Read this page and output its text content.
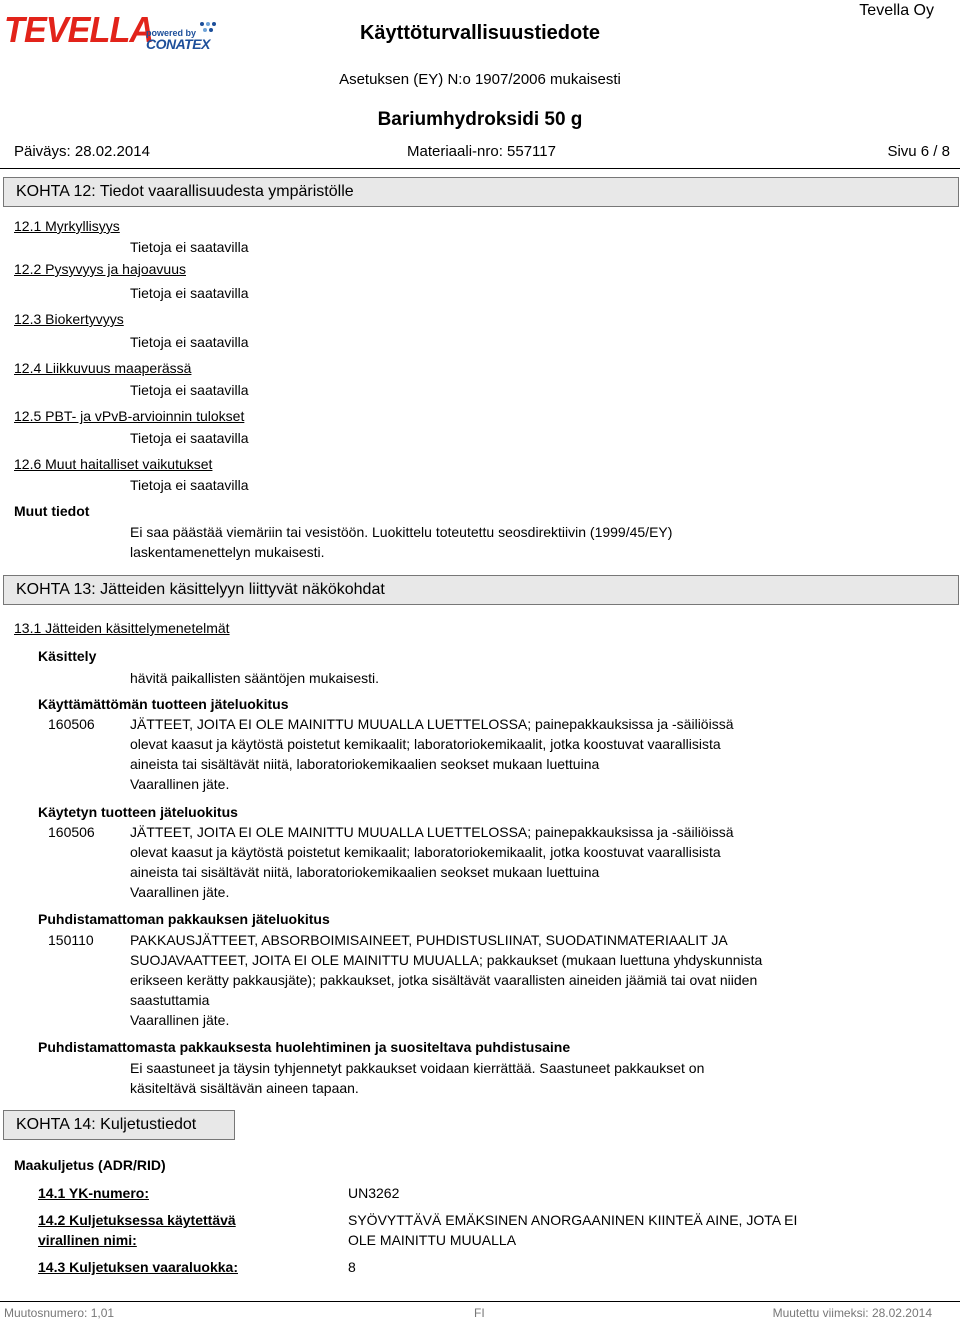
TEVELLA
powered by
CONATEX
Tevella Oy
Käyttöturvallisuustiedote
Asetuksen (EY) N:o 1907/2006 mukaisesti
Bariumhydroksidi 50 g
Päiväys: 28.02.2014	Materiaali-nro: 557117	Sivu 6 / 8
KOHTA 12: Tiedot vaarallisuudesta ympäristölle
12.1 Myrkyllisyys
Tietoja ei saatavilla
12.2 Pysyvyys ja hajoavuus
Tietoja ei saatavilla
12.3 Biokertyvyys
Tietoja ei saatavilla
12.4 Liikkuvuus maaperässä
Tietoja ei saatavilla
12.5 PBT- ja vPvB-arvioinnin tulokset
Tietoja ei saatavilla
12.6 Muut haitalliset vaikutukset
Tietoja ei saatavilla
Muut tiedot
Ei saa päästää viemäriin tai vesistöön. Luokittelu toteutettu seosdirektiivin (1999/45/EY)
laskentamenettelyn mukaisesti.
KOHTA 13: Jätteiden käsittelyyn liittyvät näkökohdat
13.1 Jätteiden käsittelymenetelmät
Käsittely
hävitä paikallisten sääntöjen mukaisesti.
Käyttämättömän tuotteen jäteluokitus
160506	JÄTTEET, JOITA EI OLE MAINITTU MUUALLA LUETTELOSSA; painepakkauksissa ja -säiliöissä
olevat kaasut ja käytöstä poistetut kemikaalit; laboratoriokemikaalit, jotka koostuvat vaarallisista
aineista tai sisältävät niitä, laboratoriokemikaalien seokset mukaan luettuina
Vaarallinen jäte.
Käytetyn tuotteen jäteluokitus
160506	JÄTTEET, JOITA EI OLE MAINITTU MUUALLA LUETTELOSSA; painepakkauksissa ja -säiliöissä
olevat kaasut ja käytöstä poistetut kemikaalit; laboratoriokemikaalit, jotka koostuvat vaarallisista
aineista tai sisältävät niitä, laboratoriokemikaalien seokset mukaan luettuina
Vaarallinen jäte.
Puhdistamattoman pakkauksen jäteluokitus
150110	PAKKAUSJÄTTEET, ABSORBOIMISAINEET, PUHDISTUSLIINAT, SUODATINMATERIAALIT JA
SUOJAVAATTEET, JOITA EI OLE MAINITTU MUUALLA; pakkaukset (mukaan luettuna yhdyskunnista
erikseen kerätty pakkausjäte); pakkaukset, jotka sisältävät vaarallisten aineiden jäämiä tai ovat niiden
saastuttamia
Vaarallinen jäte.
Puhdistamattomasta pakkauksesta huolehtiminen ja suositeltava puhdistusaine
Ei saastuneet ja täysin tyhjennetyt pakkaukset voidaan kierrättää. Saastuneet pakkaukset on
käsiteltävä sisältävän aineen tapaan.
KOHTA 14: Kuljetustiedot
Maakuljetus (ADR/RID)
14.1 YK-numero:	UN3262
14.2 Kuljetuksessa käytettävä
virallinen nimi:
SYÖVYTTÄVÄ EMÄKSINEN ANORGAANINEN KIINTEÄ AINE, JOTA EI
OLE MAINITTU MUUALLA
14.3 Kuljetuksen vaaraluokka:	8
Muutosnumero: 1,01	FI	Muutettu viimeksi: 28.02.2014
